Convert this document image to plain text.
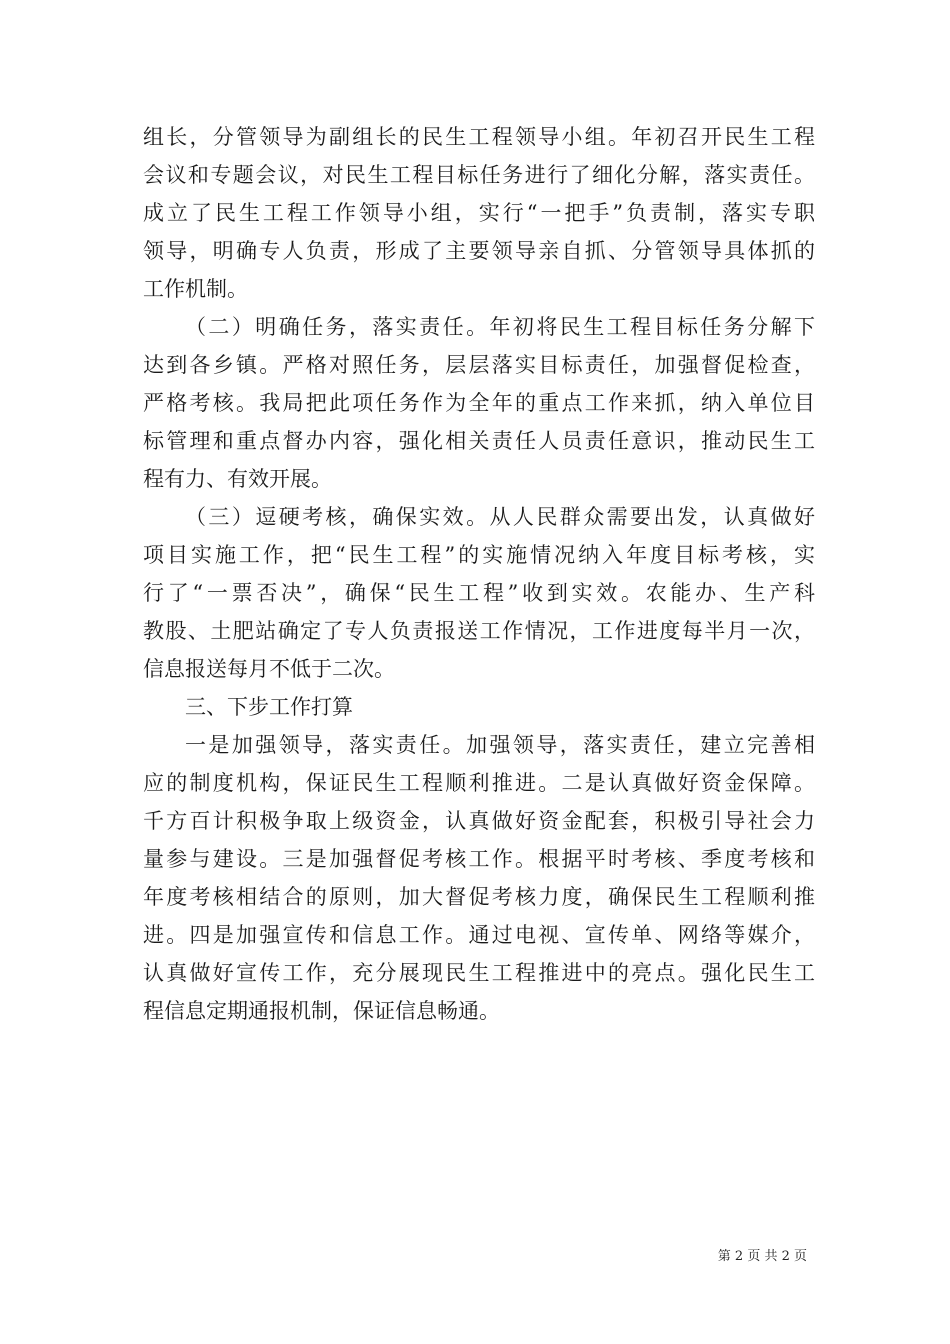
组长，分管领导为副组长的民生工程领导小组。年初召开民生工程
会议和专题会议，对民生工程目标任务进行了细化分解，落实责任。
成立了民生工程工作领导小组，实行“一把手”负责制，落实专职
领导，明确专人负责，形成了主要领导亲自抓、分管领导具体抓的
工作机制。
（二）明确任务，落实责任。年初将民生工程目标任务分解下
达到各乡镇。严格对照任务，层层落实目标责任，加强督促检查，
严格考核。我局把此项任务作为全年的重点工作来抓，纳入单位目
标管理和重点督办内容，强化相关责任人员责任意识，推动民生工
程有力、有效开展。
（三）逗硬考核，确保实效。从人民群众需要出发，认真做好
项目实施工作，把“民生工程”的实施情况纳入年度目标考核，实
行了“一票否决”，确保“民生工程”收到实效。农能办、生产科
教股、土肥站确定了专人负责报送工作情况，工作进度每半月一次，
信息报送每月不低于二次。
三、下步工作打算
一是加强领导，落实责任。加强领导，落实责任，建立完善相
应的制度机构，保证民生工程顺利推进。二是认真做好资金保障。
千方百计积极争取上级资金，认真做好资金配套，积极引导社会力
量参与建设。三是加强督促考核工作。根据平时考核、季度考核和
年度考核相结合的原则，加大督促考核力度，确保民生工程顺利推
进。四是加强宣传和信息工作。通过电视、宣传单、网络等媒介，
认真做好宣传工作，充分展现民生工程推进中的亮点。强化民生工
程信息定期通报机制，保证信息畅通。
第 2 页 共 2 页
